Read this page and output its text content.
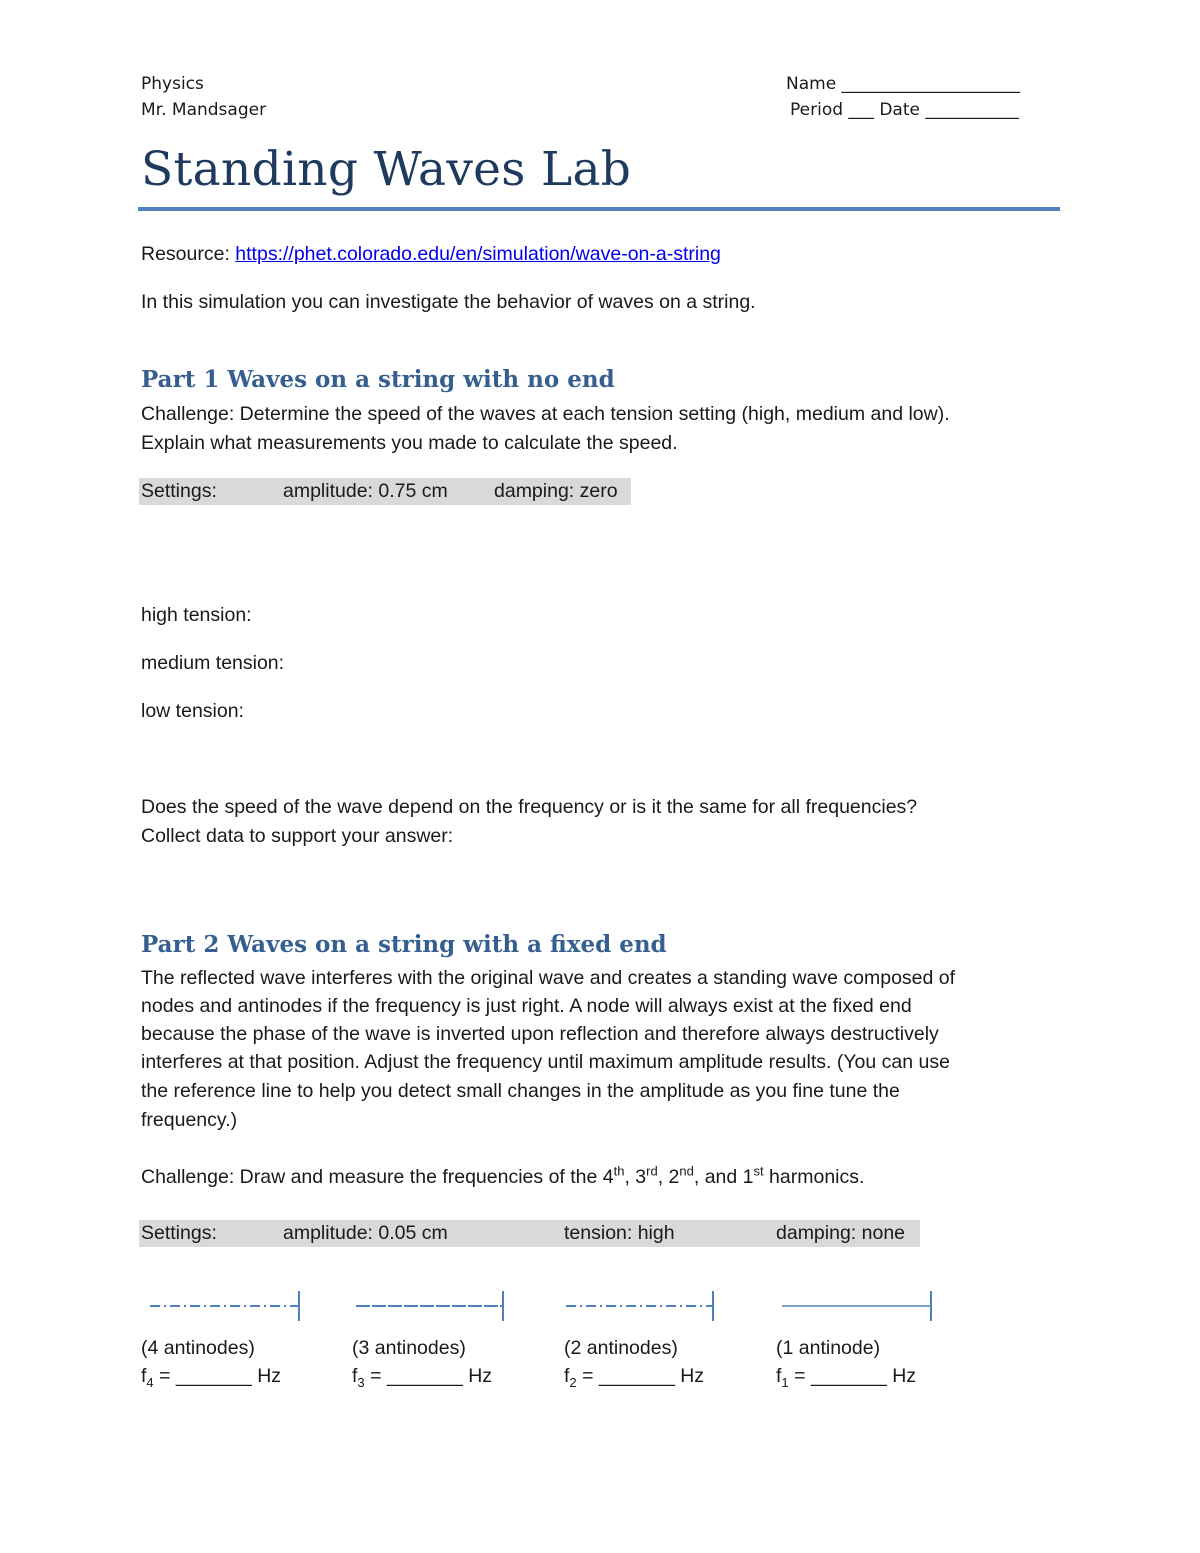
Physics
Mr. Mandsager
Name _____________________
Period ___ Date ___________
Standing Waves Lab
Resource: https://phet.colorado.edu/en/simulation/wave-on-a-string
In this simulation you can investigate the behavior of waves on a string.
Part 1 Waves on a string with no end
Challenge: Determine the speed of the waves at each tension setting (high, medium and low).
Explain what measurements you made to calculate the speed.
Settings:	amplitude: 0.75 cm damping: zero
high tension:
medium tension:
low tension:
Does the speed of the wave depend on the frequency or is it the same for all frequencies?
Collect data to support your answer:
Part 2 Waves on a string with a fixed end
The reflected wave interferes with the original wave and creates a standing wave composed of
nodes and antinodes if the frequency is just right. A node will always exist at the fixed end
because the phase of the wave is inverted upon reflection and therefore always destructively
interferes at that position. Adjust the frequency until maximum amplitude results. (You can use
the reference line to help you detect small changes in the amplitude as you fine tune the
frequency.)
Challenge: Draw and measure the frequencies of the 4th, 3rd, 2nd, and 1st harmonics.
Settings:	amplitude: 0.05 cm	tension: high	damping: none
(4 antinodes)
$f_4$ = _______ Hz
(3 antinodes)
$f_3$ = _______ Hz
(2 antinodes)
$f_2$ = _______ Hz
(1 antinode)
$f_1$ = _______ Hz
